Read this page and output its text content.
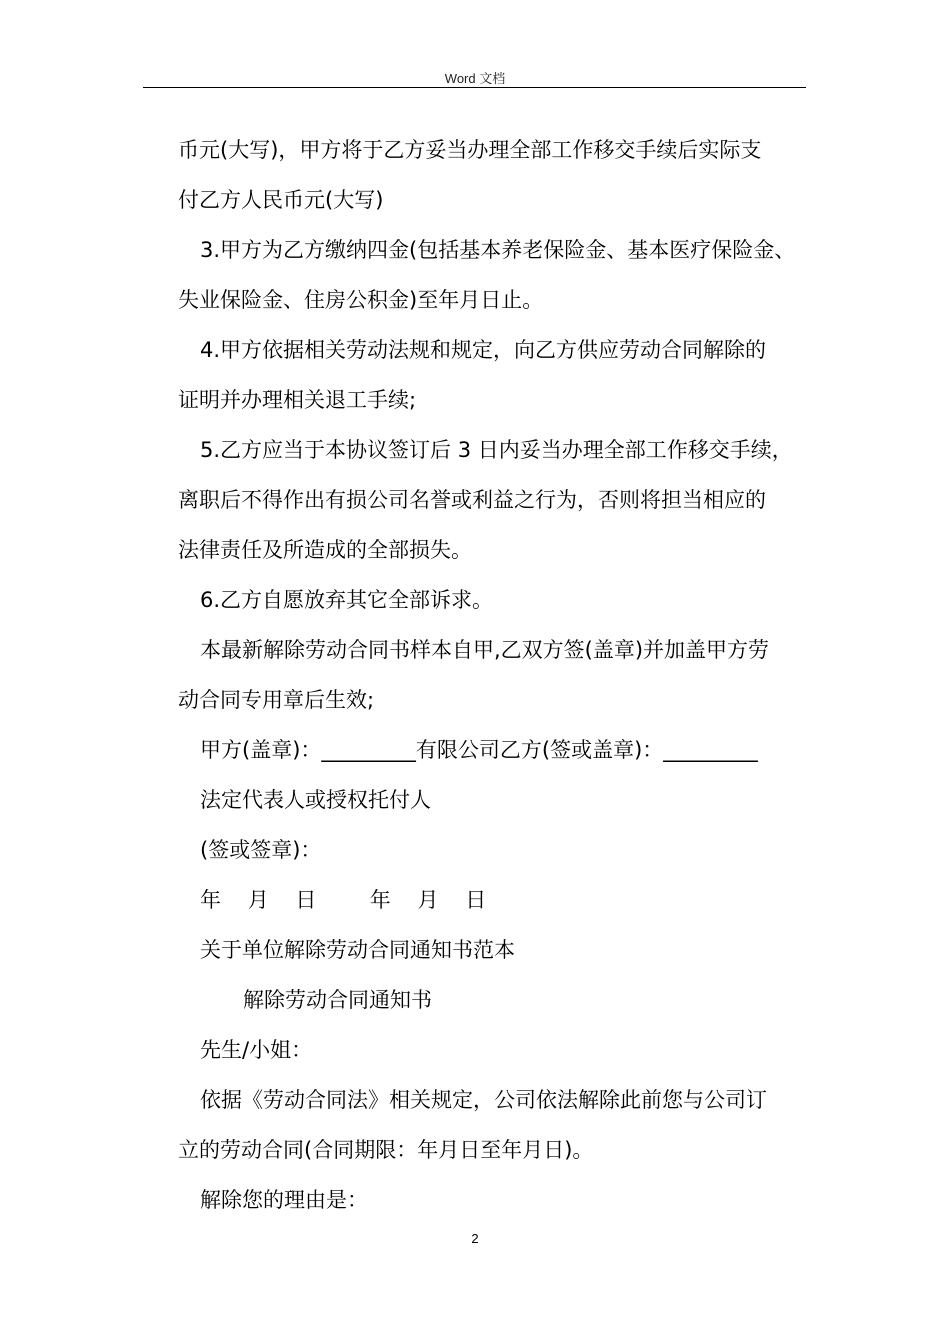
Word 文档
币元(大写)，甲方将于乙方妥当办理全部工作移交手续后实际支
付乙方人民币元(大写)
3.甲方为乙方缴纳四金(包括基本养老保险金、基本医疗保险金、
失业保险金、住房公积金)至年月日止。
4.甲方依据相关劳动法规和规定，向乙方供应劳动合同解除的
证明并办理相关退工手续;
5.乙方应当于本协议签订后 3 日内妥当办理全部工作移交手续，
离职后不得作出有损公司名誉或利益之行为，否则将担当相应的
法律责任及所造成的全部损失。
6.乙方自愿放弃其它全部诉求。
本最新解除劳动合同书样本自甲,乙双方签(盖章)并加盖甲方劳
动合同专用章后生效;
甲方(盖章)：_________有限公司乙方(签或盖章)：_________
法定代表人或授权托付人
(签或签章)：
年    月    日        年    月    日
关于单位解除劳动合同通知书范本
解除劳动合同通知书
先生/小姐：
依据《劳动合同法》相关规定，公司依法解除此前您与公司订
立的劳动合同(合同期限：年月日至年月日)。
解除您的理由是：
2
